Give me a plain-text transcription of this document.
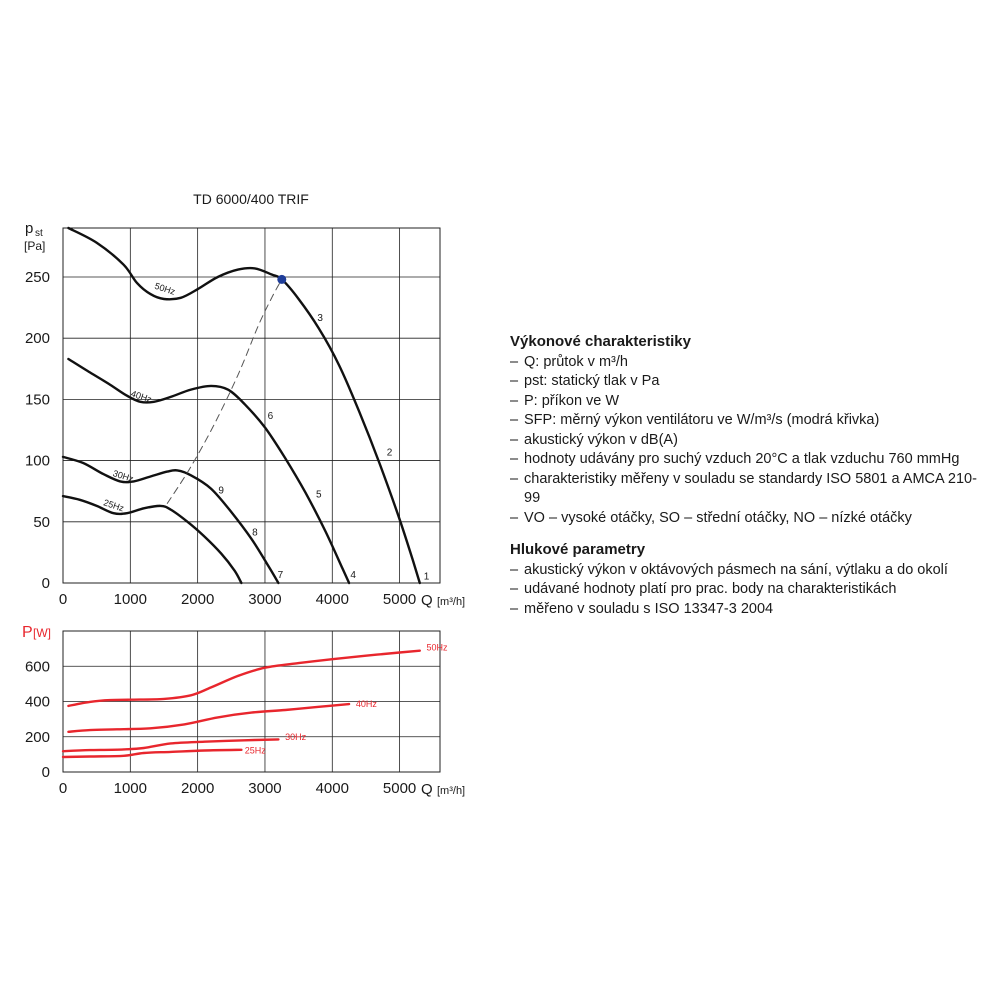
TD 6000/400 TRIF
0	1000 2000 3000 4000 5000
0
50
100
150
200
250
Q [m³/h]
p st
[Pa]
50Hz
40Hz
30Hz
25Hz
1
2
3
4
5
6
7
8
9
0	1000 2000 3000 4000 5000
0
200
400
600
Q [m³/h]
P [W]
50Hz
40Hz
30Hz
25Hz
Výkonové charakteristiky
– Q: průtok v m³/h
– pst: statický tlak v Pa
– P: příkon ve W
– SFP: měrný výkon ventilátoru ve W/m³/s (modrá křivka)
– akustický výkon v dB(A)
– hodnoty udávány pro suchý vzduch 20°C a tlak vzduchu 760 mmHg
– charakteristiky měřeny v souladu se standardy ISO 5801 a AMCA 210-99
– VO – vysoké otáčky, SO – střední otáčky, NO – nízké otáčky
Hlukové parametry
– akustický výkon v oktávových pásmech na sání, výtlaku a do okolí
– udávané hodnoty platí pro prac. body na charakteristikách
– měřeno v souladu s ISO 13347-3 2004
